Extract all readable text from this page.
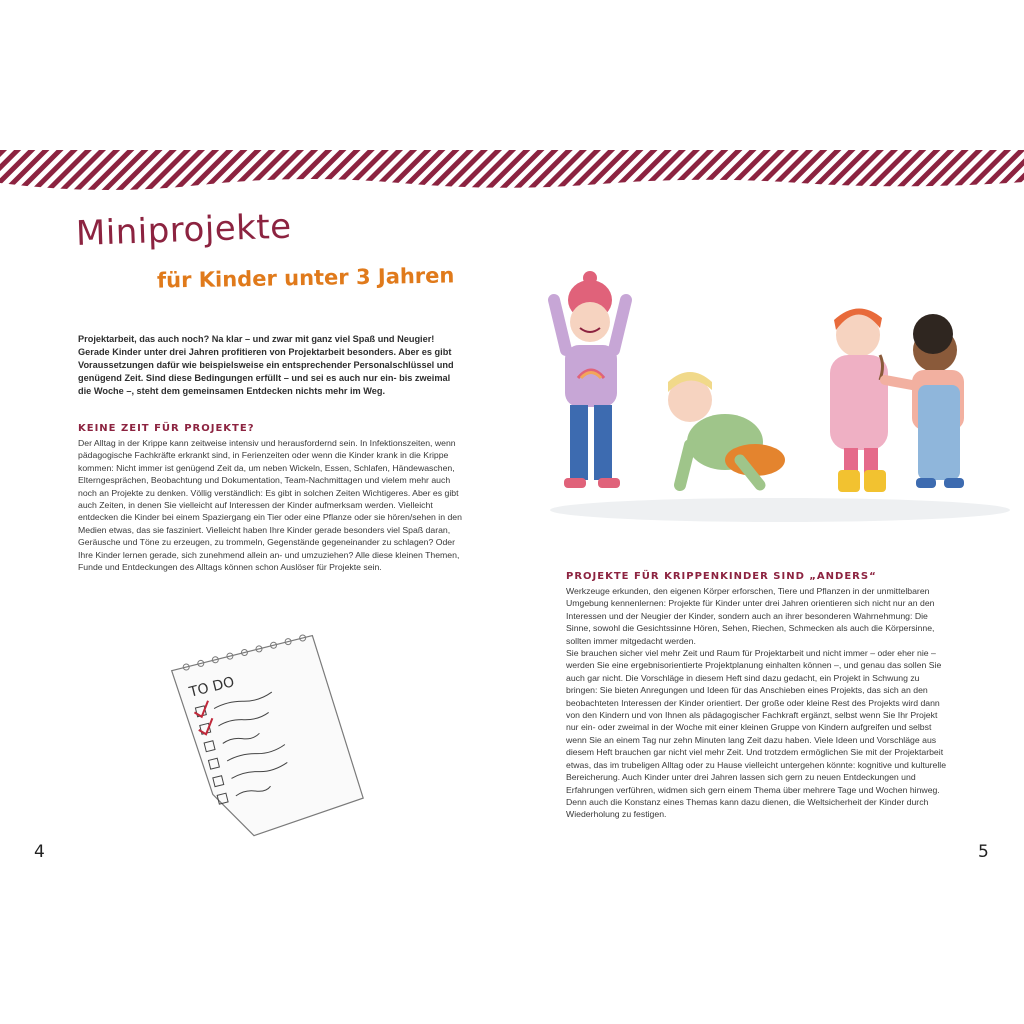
Miniprojekte
für Kinder unter 3 Jahren

Projektarbeit, das auch noch? Na klar – und zwar mit ganz viel Spaß und Neugier! Gerade Kinder unter drei Jahren profitieren von Projektarbeit besonders. Aber es gibt Voraussetzungen dafür wie beispielsweise ein entsprechender Personalschlüssel und genügend Zeit. Sind diese Bedingungen erfüllt – und sei es auch nur ein- bis zweimal die Woche –, steht dem gemeinsamen Entdecken nichts mehr im Weg.

KEINE ZEIT FÜR PROJEKTE?

Der Alltag in der Krippe kann zeitweise intensiv und herausfordernd sein. In Infektionszeiten, wenn pädagogische Fachkräfte erkrankt sind, in Ferienzeiten oder wenn die Kinder krank in die Krippe kommen: Nicht immer ist genügend Zeit da, um neben Wickeln, Essen, Schlafen, Händewaschen, Elterngesprächen, Beobachtung und Dokumentation, Team-Nachmittagen und vielem mehr auch noch an Projekte zu denken. Völlig verständlich: Es gibt in solchen Zeiten Wichtigeres. Aber es gibt auch Zeiten, in denen Sie vielleicht auf Interessen der Kinder aufmerksam werden. Vielleicht entdecken die Kinder bei einem Spaziergang ein Tier oder eine Pflanze oder sie hören/sehen in den Medien etwas, das sie fasziniert. Vielleicht haben Ihre Kinder gerade besonders viel Spaß daran, Geräusche und Töne zu erzeugen, zu trommeln, Gegenstände gegeneinander zu schlagen? Oder Ihre Kinder lernen gerade, sich zunehmend allein an- und umzuziehen? Alle diese kleinen Themen, Funde und Entdeckungen des Alltags können schon Auslöser für Projekte sein.

PROJEKTE FÜR KRIPPENKINDER SIND „ANDERS“

Werkzeuge erkunden, den eigenen Körper erforschen, Tiere und Pflanzen in der unmittelbaren Umgebung kennenlernen: Projekte für Kinder unter drei Jahren orientieren sich nicht nur an den Interessen und der Neugier der Kinder, sondern auch an ihrer besonderen Wahrnehmung: Die Sinne, sowohl die Gesichtssinne Hören, Sehen, Riechen, Schmecken als auch die Körpersinne, sollten immer mitgedacht werden.

Sie brauchen sicher viel mehr Zeit und Raum für Projektarbeit und nicht immer – oder eher nie – werden Sie eine ergebnisorientierte Projektplanung einhalten können –, und genau das sollen Sie auch gar nicht. Die Vorschläge in diesem Heft sind dazu gedacht, ein Projekt in Schwung zu bringen: Sie bieten Anregungen und Ideen für das Anschieben eines Projekts, das sich an den beobachteten Interessen der Kinder orientiert. Der große oder kleine Rest des Projekts wird dann von den Kindern und von Ihnen als pädagogischer Fachkraft ergänzt, selbst wenn Sie Ihr Projekt nur ein- oder zweimal in der Woche mit einer kleinen Gruppe von Kindern aufgreifen und selbst wenn Sie an einem Tag nur zehn Minuten lang Zeit dazu haben. Viele Ideen und Vorschläge aus diesem Heft brauchen gar nicht viel mehr Zeit. Und trotzdem ermöglichen Sie mit der Projektarbeit etwas, das im trubeligen Alltag oder zu Hause vielleicht untergehen könnte: kognitive und kulturelle Bereicherung. Auch Kinder unter drei Jahren lassen sich gern zu neuen Entdeckungen und Erfahrungen verführen, widmen sich gern einem Thema über mehrere Tage und Wochen hinweg. Denn auch die Konstanz eines Themas kann dazu dienen, die Weltsicherheit der Kinder durch Wiederholung zu festigen.

TO DO
4	5
